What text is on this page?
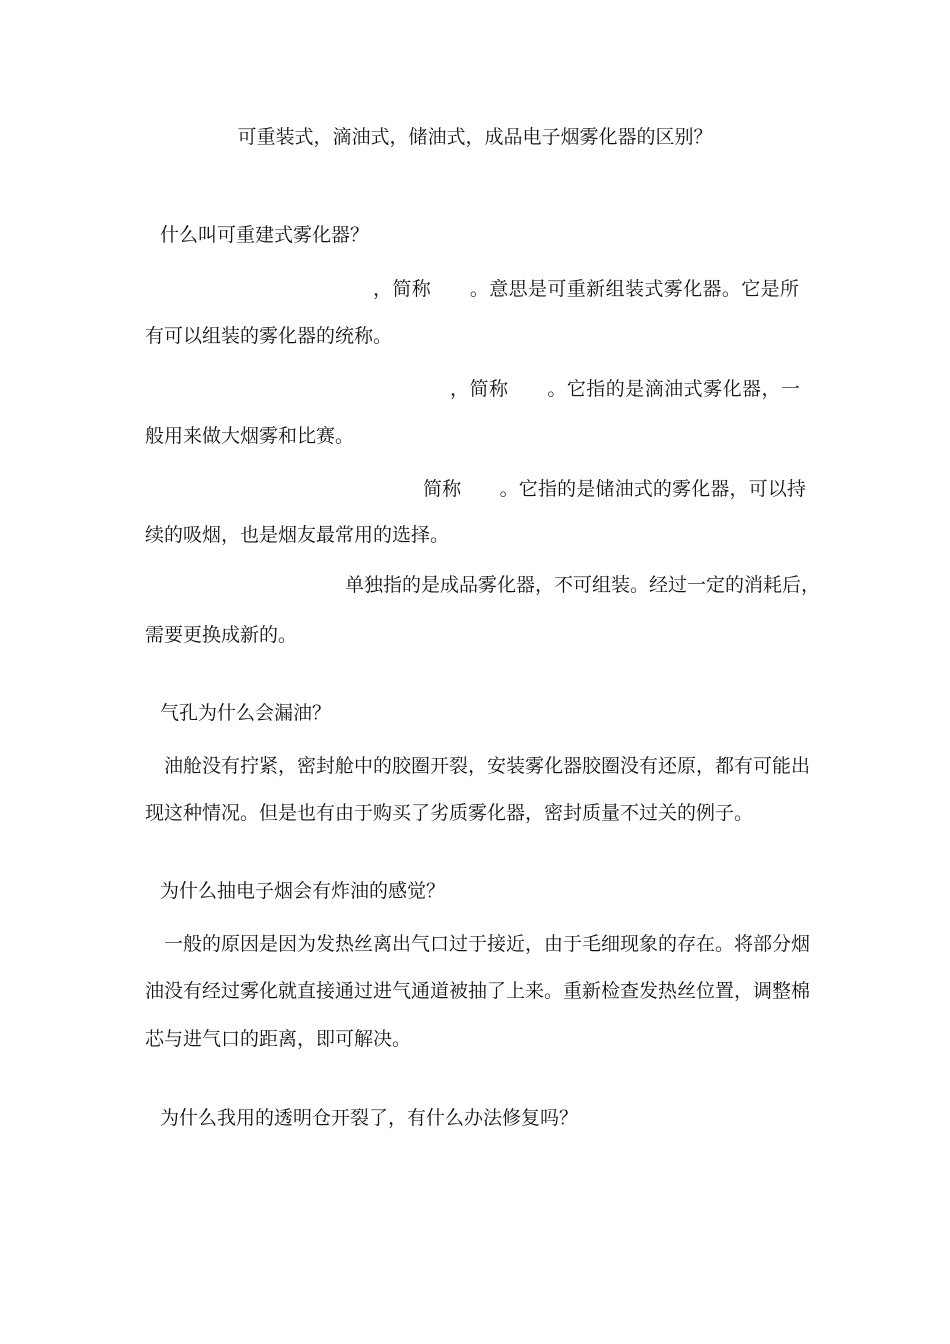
可重装式，滴油式，储油式，成品电子烟雾化器的区别？
什么叫可重建式雾化器？
，简称　　。意思是可重新组装式雾化器。它是所
有可以组装的雾化器的统称。
，简称　　。它指的是滴油式雾化器，一
般用来做大烟雾和比赛。
简称　　。它指的是储油式的雾化器，可以持
续的吸烟，也是烟友最常用的选择。
单独指的是成品雾化器，不可组装。经过一定的消耗后，
需要更换成新的。
气孔为什么会漏油？
油舱没有拧紧，密封舱中的胶圈开裂，安装雾化器胶圈没有还原，都有可能出
现这种情况。但是也有由于购买了劣质雾化器，密封质量不过关的例子。
为什么抽电子烟会有炸油的感觉？
一般的原因是因为发热丝离出气口过于接近，由于毛细现象的存在。将部分烟
油没有经过雾化就直接通过进气通道被抽了上来。重新检查发热丝位置，调整棉
芯与进气口的距离，即可解决。
为什么我用的透明仓开裂了，有什么办法修复吗？
